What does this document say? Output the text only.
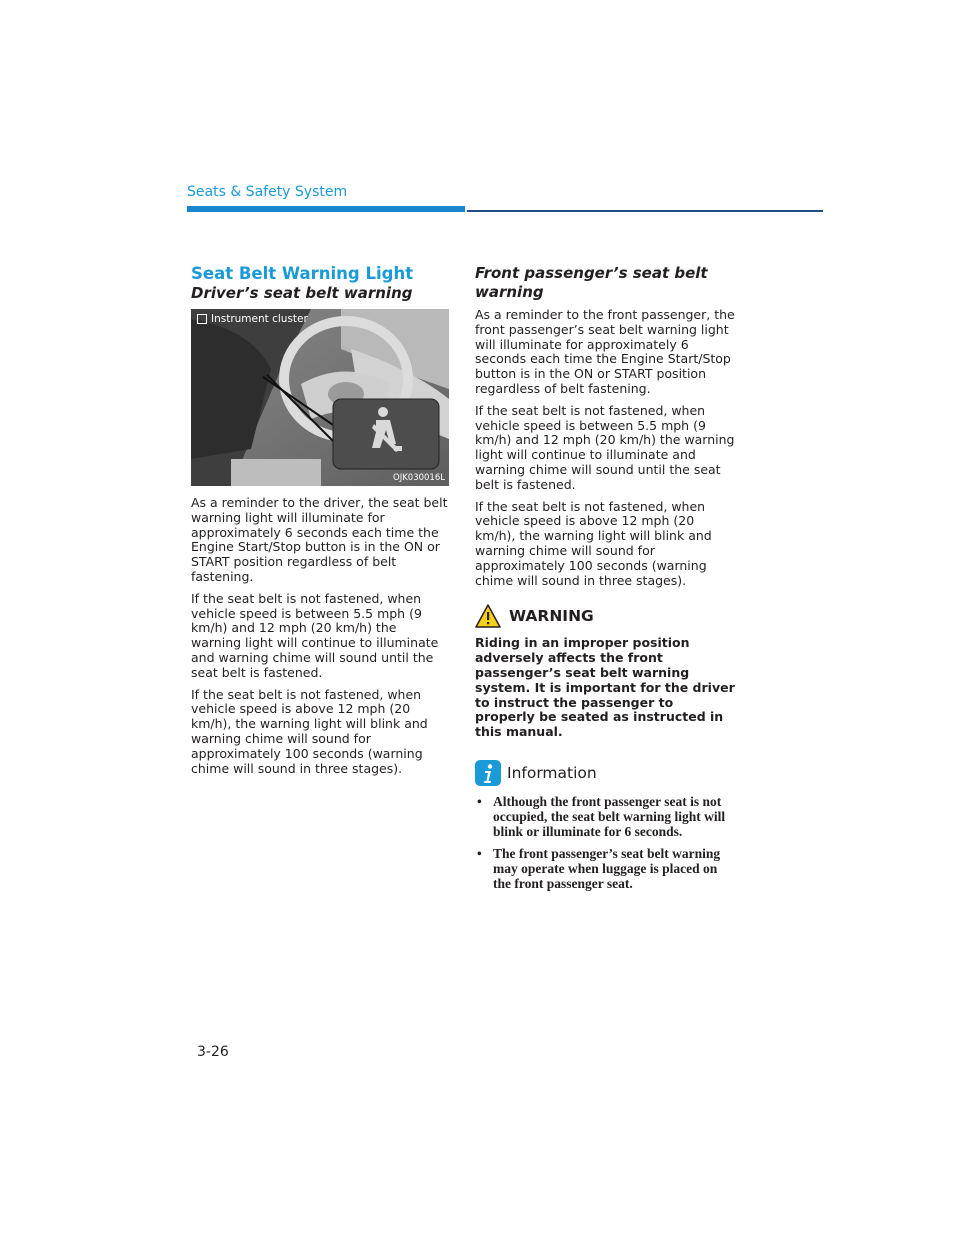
Seats & Safety System
Seat Belt Warning Light
Driver’s seat belt warning
Instrument cluster
OJK030016L

As a reminder to the driver, the seat belt warning light will illuminate for approximately 6 seconds each time the Engine Start/Stop button is in the ON or START position regardless of belt fastening.

If the seat belt is not fastened, when vehicle speed is between 5.5 mph (9 km/h) and 12 mph (20 km/h) the warning light will continue to illuminate and warning chime will sound until the seat belt is fastened.

If the seat belt is not fastened, when vehicle speed is above 12 mph (20 km/h), the warning light will blink and warning chime will sound for approximately 100 seconds (warning chime will sound in three stages).

Front passenger’s seat belt warning

As a reminder to the front passenger, the front passenger’s seat belt warning light will illuminate for approximately 6 seconds each time the Engine Start/Stop button is in the ON or START position regardless of belt fastening.

If the seat belt is not fastened, when vehicle speed is between 5.5 mph (9 km/h) and 12 mph (20 km/h) the warning light will continue to illuminate and warning chime will sound until the seat belt is fastened.

If the seat belt is not fastened, when vehicle speed is above 12 mph (20 km/h), the warning light will blink and warning chime will sound for approximately 100 seconds (warning chime will sound in three stages).

WARNING

Riding in an improper position adversely affects the front passenger’s seat belt warning system. It is important for the driver to instruct the passenger to properly be seated as instructed in this manual.

Information
• Although the front passenger seat is not occupied, the seat belt warning light will blink or illuminate for 6 seconds.
• The front passenger’s seat belt warning may operate when luggage is placed on the front passenger seat.
3-26
